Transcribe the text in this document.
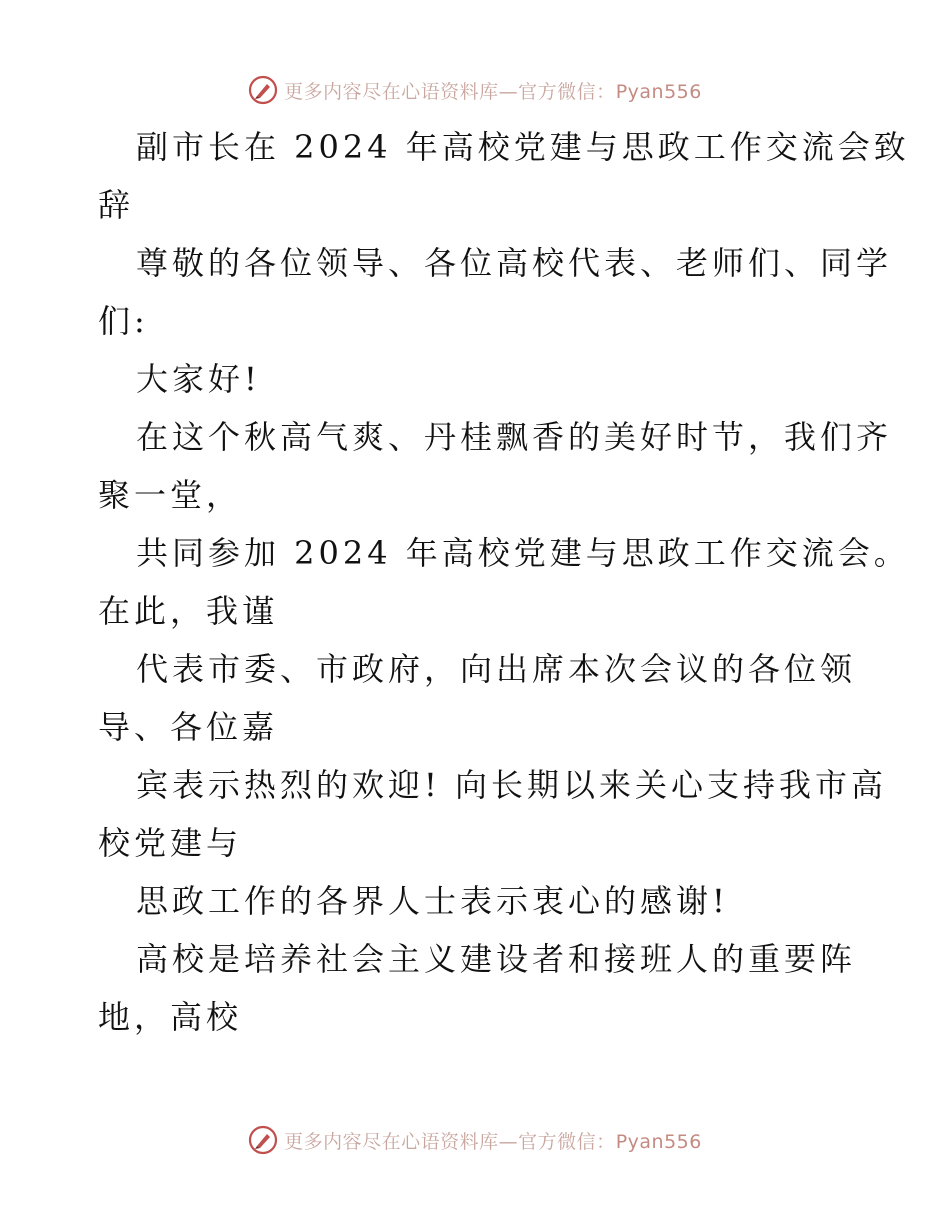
更多内容尽在心语资料库—官方微信：Pyan556

副市长在 2024 年高校党建与思政工作交流会致

辞

尊敬的各位领导、各位高校代表、老师们、同学

们:

大家好!

在这个秋高气爽、丹桂飘香的美好时节，我们齐

聚一堂，

共同参加 2024 年高校党建与思政工作交流会。

在此，我谨

代表市委、市政府，向出席本次会议的各位领

导、各位嘉

宾表示热烈的欢迎! 向长期以来关心支持我市高

校党建与

思政工作的各界人士表示衷心的感谢!

高校是培养社会主义建设者和接班人的重要阵

地，高校

更多内容尽在心语资料库—官方微信：Pyan556
